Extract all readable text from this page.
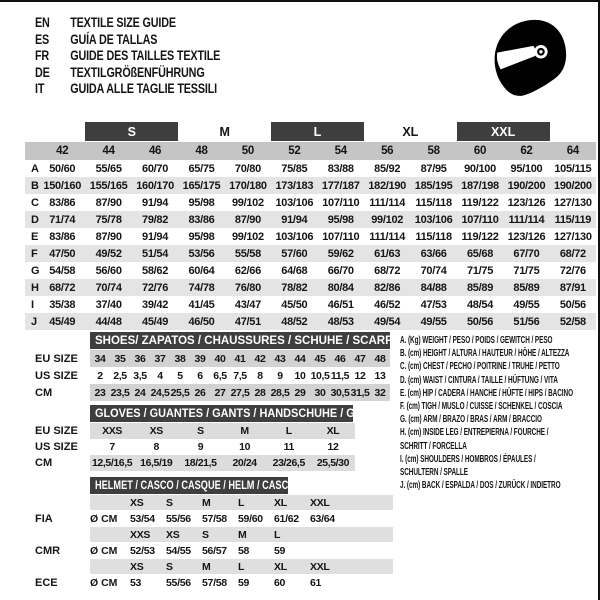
EN	TEXTILE SIZE GUIDE
ES	GUÍA DE TALLAS
FR	GUIDE DES TAILLES TEXTILE
DE	TEXTILGRÖßENFÜHRUNG
IT	GUIDA ALLE TAGLIE TESSILI
S	M	L	XL	XXL
42	44	46	48	50	52	54	56	58	60	62	64
A 50/60	55/65	60/70	65/75	70/80	75/85	83/88	85/92	87/95	90/100	95/100	105/115
B 150/160 155/165 160/170 165/175 170/180 173/183 177/187 182/190 185/195 187/198 190/200 190/200
C 83/86	87/90	91/94	95/98	99/102	103/106 107/110 111/114 115/118 119/122 123/126 127/130
D 71/74	75/78	79/82	83/86	87/90	91/94	95/98	99/102	103/106 107/110 111/114 115/119
E 83/86	87/90	91/94	95/98	99/102	103/106 107/110 111/114 115/118 119/122 123/126 127/130
F	47/50	49/52	51/54	53/56	55/58	57/60	59/62	61/63	63/66	65/68	67/70	68/72
G 54/58	56/60	58/62	60/64	62/66	64/68	66/70	68/72	70/74	71/75	71/75	72/76
H 68/72	70/74	72/76	74/78	76/80	78/82	80/84	82/86	84/88	85/89	85/89	87/91
I	35/38	37/40	39/42	41/45	43/47	45/50	46/51	46/52	47/53	48/54	49/55	50/56
J	45/49	44/48	45/49	46/50	47/51	48/52	48/53	49/54	49/55	50/56	51/56	52/58
SHOES/ ZAPATOS / CHAUSSURES / SCHUHE / SCARPE
EU SIZE	34 35 36 37 38 39 40 41 42 43 44 45 46 47 48
US SIZE	2	2,5 3,5	4	5	6	6,5 7,5	8	9	10 10,5 11,5 12 13
CM	23 23,5 24 24,5 25,5 26 27 27,5 28 28,5 29 30 30,5 31,5 32
GLOVES / GUANTES / GANTS / HANDSCHUHE / GUANTI
EU SIZE	XXS	XS	S	M	L	XL
US SIZE	7	8	9	10	11	12
CM	12,5/16,5 16,5/19	18/21,5	20/24	23/26,5	25,5/30
HELMET / CASCO / CASQUE / HELM / CASCO
XS	S	M	L	XL	XXL
FIA	Ø CM	53/54	55/56	57/58	59/60	61/62	63/64
XXS	XS	S	M	L
CMR	Ø CM	52/53	54/55	56/57	58	59
XS	S	M	L	XL	XXL
ECE	Ø CM	53	55/56	57/58	59	60	61
A. (Kg) WEIGHT / PESO / POIDS / GEWITCH / PESO
B. (cm) HEIGHT / ALTURA / HAUTEUR / HÖHE / ALTEZZA
C. (cm) CHEST / PECHO / POITRINE / TRUHE / PETTO
D. (cm) WAIST / CINTURA / TAILLE / HÜFTUNG / VITA
E. (cm) HIP / CADERA / HANCHE / HÜFTE / HIPS / BACINO
F. (cm) TIGH / MUSLO / CUISSE / SCHENKEL / COSCIA
G. (cm) ARM / BRAZO / BRAS / ARM / BRACCIO
H. (cm) INSIDE LEG / ENTREPIERNA / FOURCHE /
SCHRITT / FORCELLA
I. (cm) SHOULDERS / HOMBROS / ÉPAULES /
SCHULTERN / SPALLE
J. (cm) BACK / ESPALDA / DOS / ZURÜCK / INDIETRO
